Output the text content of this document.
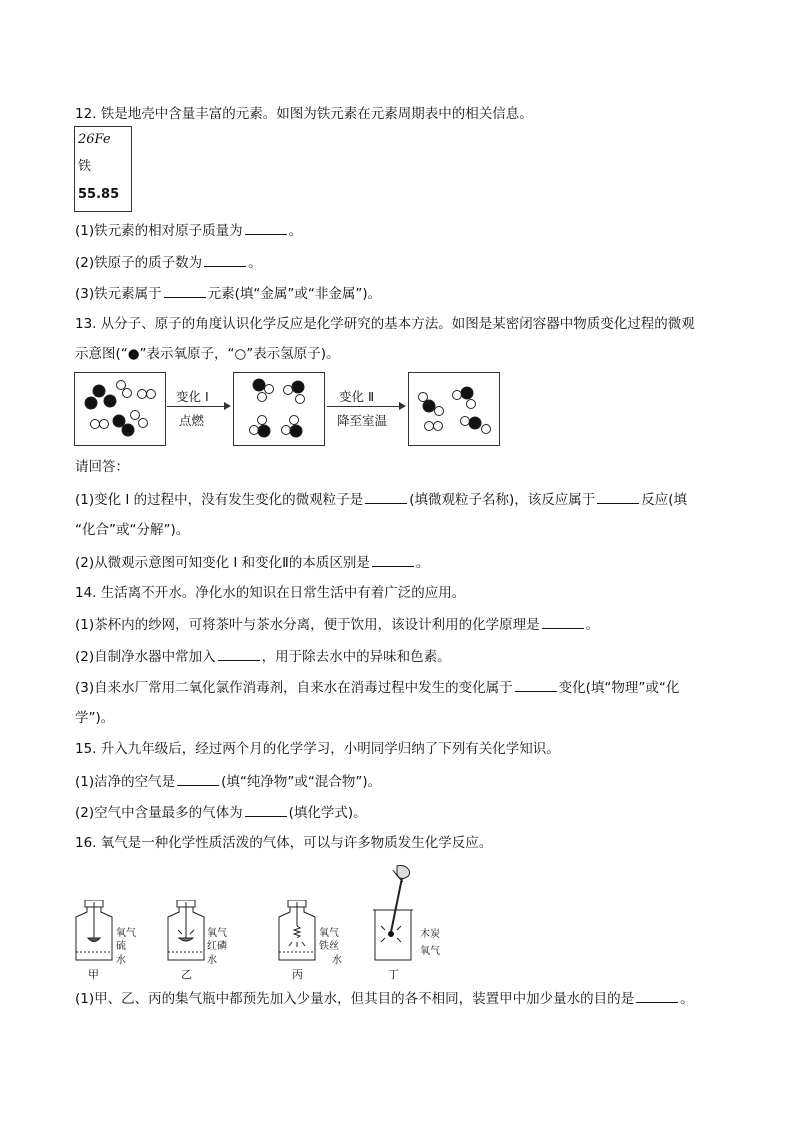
12. 铁是地壳中含量丰富的元素。如图为铁元素在元素周期表中的相关信息。
26Fe
铁
55.85
(1)铁元素的相对原子质量为	。
(2)铁原子的质子数为	。
(3)铁元素属于	元素(填“金属”或“非金属”)。
13. 从分子、原子的角度认识化学反应是化学研究的基本方法。如图是某密闭容器中物质变化过程的微观
示意图(“●”表示氧原子，“○”表示氢原子)。
变化 I
点燃
变化 Ⅱ
降至室温
请回答：
(1)变化 I 的过程中，没有发生变化的微观粒子是	(填微观粒子名称)，该反应属于	反应(填
“化合”或“分解”)。
(2)从微观示意图可知变化 I 和变化Ⅱ的本质区别是	。
14. 生活离不开水。净化水的知识在日常生活中有着广泛的应用。
(1)茶杯内的纱网，可将茶叶与茶水分离，便于饮用，该设计利用的化学原理是	。
(2)自制净水器中常加入	，用于除去水中的异味和色素。
(3)自来水厂常用二氧化氯作消毒剂，自来水在消毒过程中发生的变化属于	变化(填“物理”或“化
学”)。
15. 升入九年级后，经过两个月的化学学习，小明同学归纳了下列有关化学知识。
(1)洁净的空气是	(填“纯净物”或“混合物”)。
(2)空气中含量最多的气体为	(填化学式)。
16. 氧气是一种化学性质活泼的气体，可以与许多物质发生化学反应。
氧气
硫
水
甲
氧气
红磷
水
乙
氧气
铁丝
水
丙
木炭
氧气
丁
(1)甲、乙、丙的集气瓶中都预先加入少量水，但其目的各不相同，装置甲中加少量水的目的是	。
